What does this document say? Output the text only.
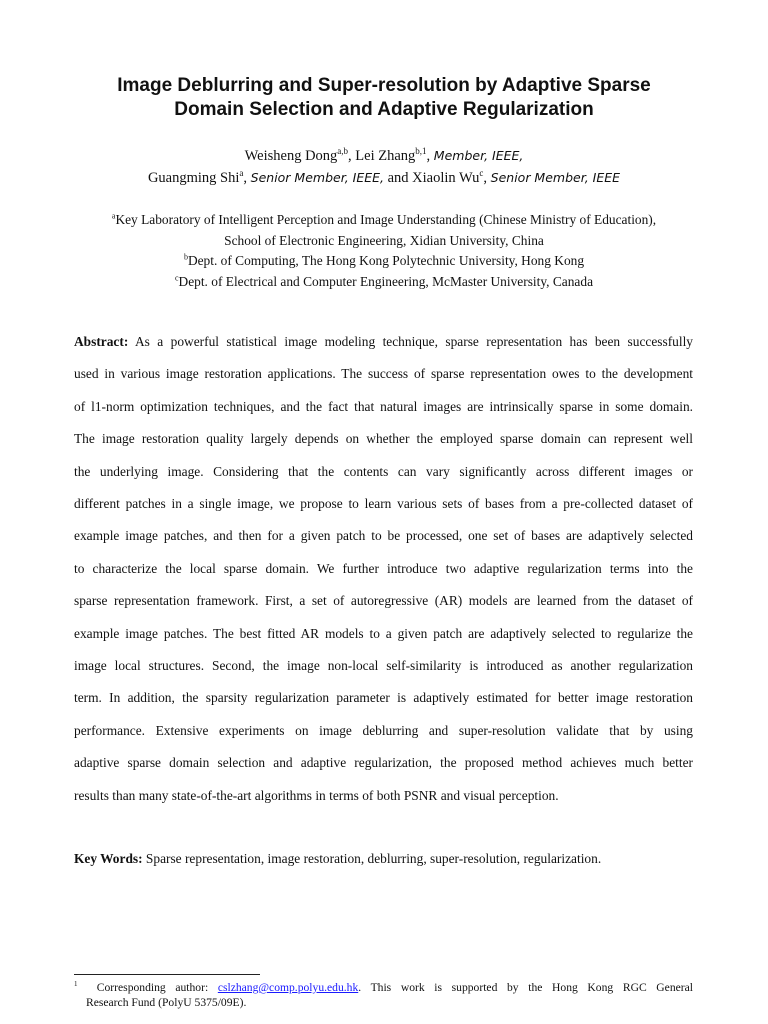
Image Deblurring and Super-resolution by Adaptive Sparse
Domain Selection and Adaptive Regularization
Weisheng Dong$^{a,b}$, Lei Zhang$^{b,1}$, Member, IEEE,
Guangming Shi$^a$, Senior Member, IEEE, and Xiaolin Wu$^c$, Senior Member, IEEE
$^a$Key Laboratory of Intelligent Perception and Image Understanding (Chinese Ministry of Education),
School of Electronic Engineering, Xidian University, China
$^b$Dept. of Computing, The Hong Kong Polytechnic University, Hong Kong
$^c$Dept. of Electrical and Computer Engineering, McMaster University, Canada
Abstract: As a powerful statistical image modeling technique, sparse representation has been successfully
used in various image restoration applications. The success of sparse representation owes to the development
of l1-norm optimization techniques, and the fact that natural images are intrinsically sparse in some domain.
The image restoration quality largely depends on whether the employed sparse domain can represent well
the underlying image. Considering that the contents can vary significantly across different images or
different patches in a single image, we propose to learn various sets of bases from a pre-collected dataset of
example image patches, and then for a given patch to be processed, one set of bases are adaptively selected
to characterize the local sparse domain. We further introduce two adaptive regularization terms into the
sparse representation framework. First, a set of autoregressive (AR) models are learned from the dataset of
example image patches. The best fitted AR models to a given patch are adaptively selected to regularize the
image local structures. Second, the image non-local self-similarity is introduced as another regularization
term. In addition, the sparsity regularization parameter is adaptively estimated for better image restoration
performance. Extensive experiments on image deblurring and super-resolution validate that by using
adaptive sparse domain selection and adaptive regularization, the proposed method achieves much better
results than many state-of-the-art algorithms in terms of both PSNR and visual perception.

Key Words: Sparse representation, image restoration, deblurring, super-resolution, regularization.

$^1$ Corresponding author: cslzhang@comp.polyu.edu.hk. This work is supported by the Hong Kong RGC General
Research Fund (PolyU 5375/09E).
